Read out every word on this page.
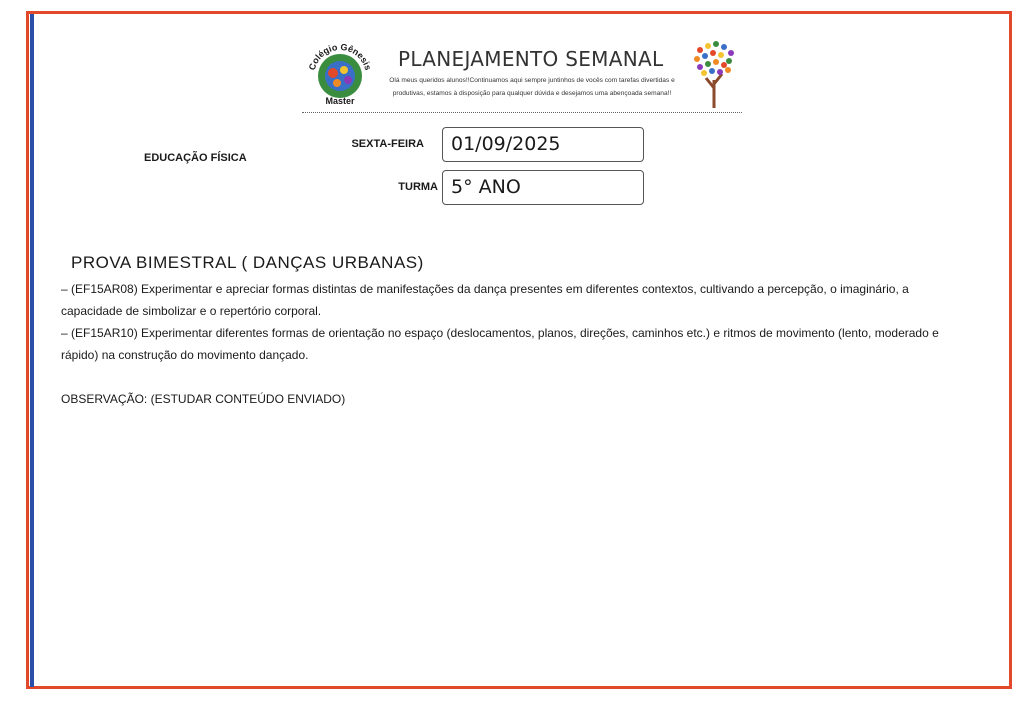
Colégio Gênesis
Master
PLANEJAMENTO SEMANAL
Olá meus queridos alunos!!Continuamos aqui sempre juntinhos de vocês com tarefas divertidas e produtivas, estamos à disposição para qualquer dúvida e desejamos uma abençoada semana!!
EDUCAÇÃO FÍSICA
SEXTA-FEIRA	01/09/2025
TURMA 5° ANO
PROVA BIMESTRAL ( DANÇAS URBANAS)

– (EF15AR08) Experimentar e apreciar formas distintas de manifestações da dança presentes em diferentes contextos, cultivando a percepção, o imaginário, a capacidade de simbolizar e o repertório corporal.

– (EF15AR10) Experimentar diferentes formas de orientação no espaço (deslocamentos, planos, direções, caminhos etc.) e ritmos de movimento (lento, moderado e rápido) na construção do movimento dançado.

OBSERVAÇÃO: (ESTUDAR CONTEÚDO ENVIADO)
